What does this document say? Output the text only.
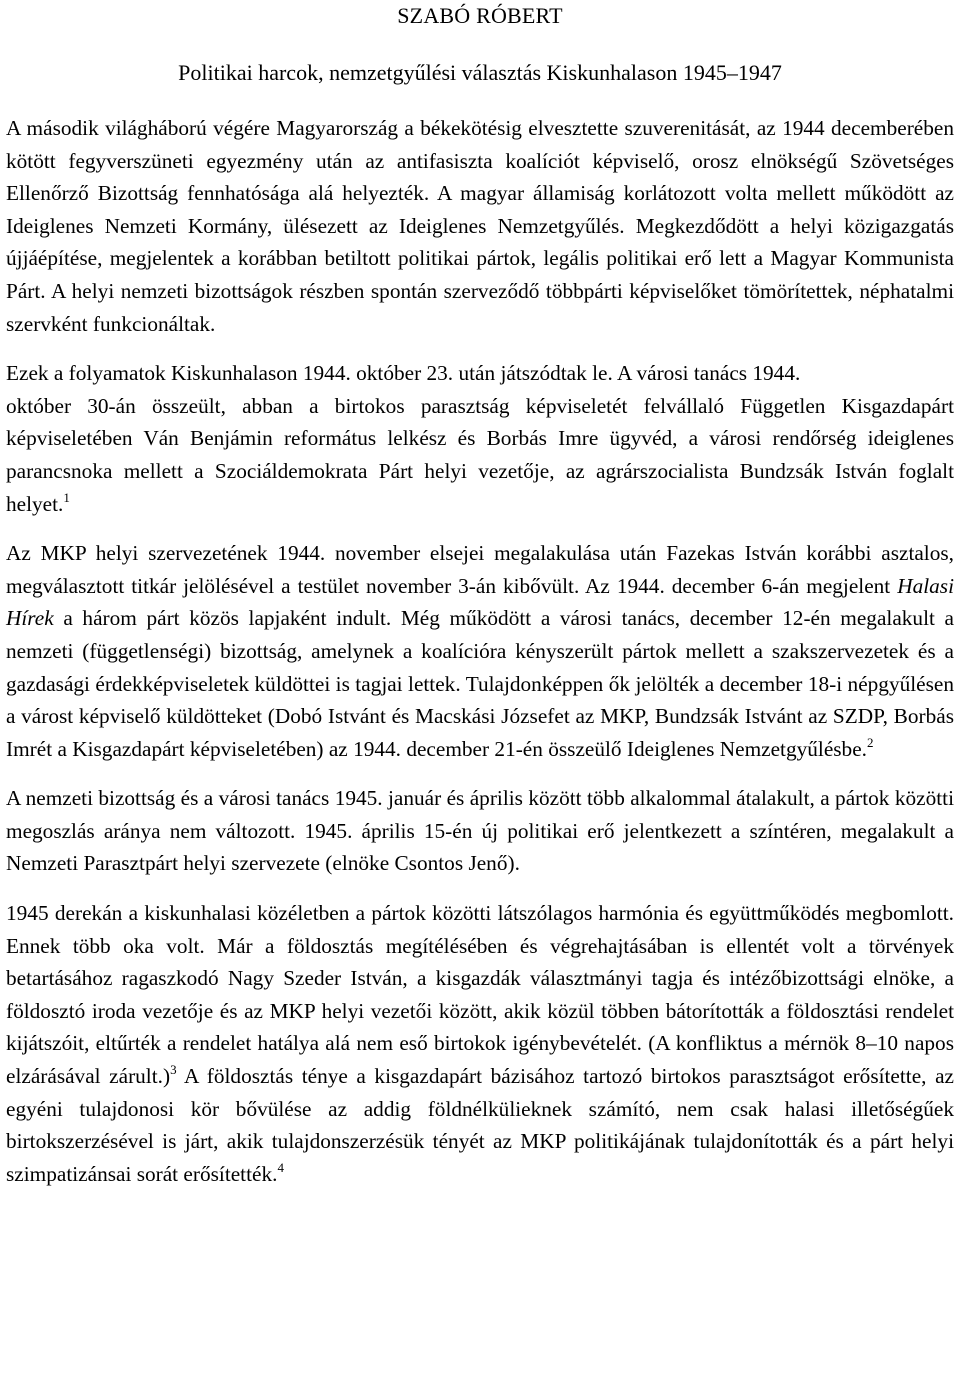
SZABÓ RÓBERT
Politikai harcok, nemzetgyűlési választás Kiskunhalason 1945–1947

A második világháború végére Magyarország a békekötésig elvesztette szuverenitását, az 1944 decemberében kötött fegyverszüneti egyezmény után az antifasiszta koalíciót képviselő, orosz elnökségű Szövetséges Ellenőrző Bizottság fennhatósága alá helyezték. A magyar államiság korlátozott volta mellett működött az Ideiglenes Nemzeti Kormány, ülésezett az Ideiglenes Nemzetgyűlés. Megkezdődött a helyi közigazgatás újjáépítése, megjelentek a korábban betiltott politikai pártok, legális politikai erő lett a Magyar Kommunista Párt. A helyi nemzeti bizottságok részben spontán szerveződő többpárti képviselőket tömörítettek, néphatalmi szervként funkcionáltak.

Ezek a folyamatok Kiskunhalason 1944. október 23. után játszódtak le. A városi tanács 1944.

október 30-án összeült, abban a birtokos parasztság képviseletét felvállaló Független Kisgazdapárt képviseletében Ván Benjámin református lelkész és Borbás Imre ügyvéd, a városi rendőrség ideiglenes parancsnoka mellett a Szociáldemokrata Párt helyi vezetője, az agrárszocialista Bundzsák István foglalt helyet.$^1$

Az MKP helyi szervezetének 1944. november elsejei megalakulása után Fazekas István korábbi asztalos, megválasztott titkár jelölésével a testület november 3-án kibővült. Az 1944. december 6-án megjelent Halasi Hírek a három párt közös lapjaként indult. Még működött a városi tanács, december 12-én megalakult a nemzeti (függetlenségi) bizottság, amelynek a koalícióra kényszerült pártok mellett a szakszervezetek és a gazdasági érdekképviseletek küldöttei is tagjai lettek. Tulajdonképpen ők jelölték a december 18-i népgyűlésen a várost képviselő küldötteket (Dobó Istvánt és Macskási Józsefet az MKP, Bundzsák Istvánt az SZDP, Borbás Imrét a Kisgazdapárt képviseletében) az 1944. december 21-én összeülő Ideiglenes Nemzetgyűlésbe.$^2$

A nemzeti bizottság és a városi tanács 1945. január és április között több alkalommal átalakult, a pártok közötti megoszlás aránya nem változott. 1945. április 15-én új politikai erő jelentkezett a színtéren, megalakult a Nemzeti Parasztpárt helyi szervezete (elnöke Csontos Jenő).

1945 derekán a kiskunhalasi közéletben a pártok közötti látszólagos harmónia és együttműködés megbomlott. Ennek több oka volt. Már a földosztás megítélésében és végrehajtásában is ellentét volt a törvények betartásához ragaszkodó Nagy Szeder István, a kisgazdák választmányi tagja és intézőbizottsági elnöke, a földosztó iroda vezetője és az MKP helyi vezetői között, akik közül többen bátorították a földosztási rendelet kijátszóit, eltűrték a rendelet hatálya alá nem eső birtokok igénybevételét. (A konfliktus a mérnök 8–10 napos elzárásával zárult.)$^3$ A földosztás ténye a kisgazdapárt bázisához tartozó birtokos parasztságot erősítette, az egyéni tulajdonosi kör bővülése az addig földnélkülieknek számító, nem csak halasi illetőségűek birtokszerzésével is járt, akik tulajdonszerzésük tényét az MKP politikájának tulajdonították és a párt helyi szimpatizánsai sorát erősítették.$^4$
